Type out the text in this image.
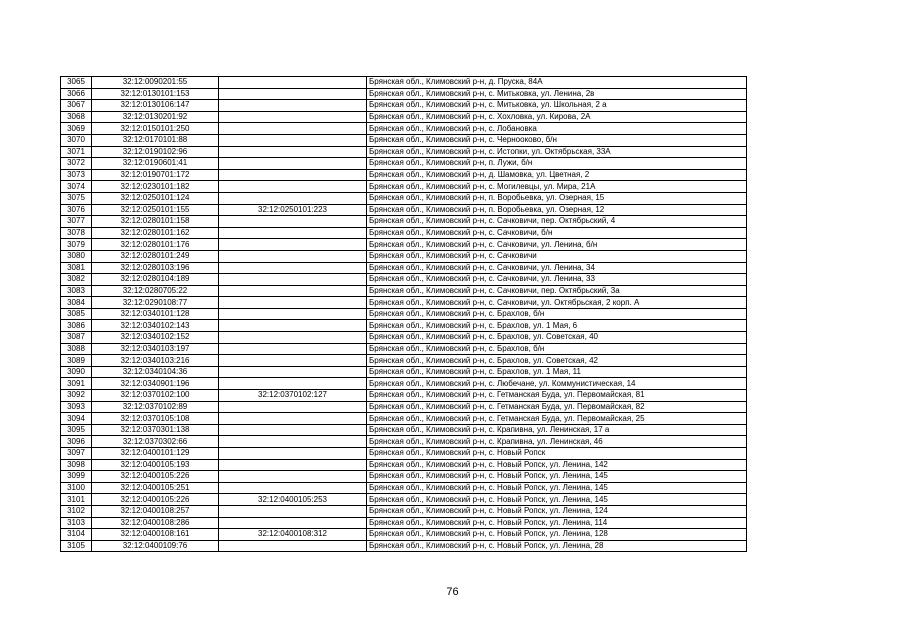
3065	32:12:0090201:55		Брянская обл., Климовский р-н, д. Пруска, 84А
3066	32:12:0130101:153		Брянская обл., Климовский р-н, с. Митьковка, ул. Ленина, 2в
3067	32:12:0130106:147		Брянская обл., Климовский р-н, с. Митьковка, ул. Школьная, 2 а
3068	32:12:0130201:92		Брянская обл., Климовский р-н, с. Хохловка, ул. Кирова, 2А
3069	32:12:0150101:250		Брянская обл., Климовский р-н, с. Лобановка
3070	32:12:0170101:88		Брянская обл., Климовский р-н, с. Чернооково, б/н
3071	32:12:0190102:96		Брянская обл., Климовский р-н, с. Истопки, ул. Октябрьская, 33А
3072	32:12:0190601:41		Брянская обл., Климовский р-н, п. Лужи, б/н
3073	32:12:0190701:172		Брянская обл., Климовский р-н, д. Шамовка, ул. Цветная, 2
3074	32:12:0230101:182		Брянская обл., Климовский р-н, с. Могилевцы, ул. Мира, 21А
3075	32:12:0250101:124		Брянская обл., Климовский р-н, п. Воробьевка, ул. Озерная, 15
3076	32:12:0250101:155	32:12:0250101:223	Брянская обл., Климовский р-н, п. Воробьевка, ул. Озерная, 12
3077	32:12:0280101:158		Брянская обл., Климовский р-н, с. Сачковичи, пер. Октябрьский, 4
3078	32:12:0280101:162		Брянская обл., Климовский р-н, с. Сачковичи, б/н
3079	32:12:0280101:176		Брянская обл., Климовский р-н, с. Сачковичи, ул. Ленина, б/н
3080	32:12:0280101:249		Брянская обл., Климовский р-н, с. Сачковичи
3081	32:12:0280103:196		Брянская обл., Климовский р-н, с. Сачковичи, ул. Ленина, 34
3082	32:12:0280104:189		Брянская обл., Климовский р-н, с. Сачковичи, ул. Ленина, 33
3083	32:12:0280705:22		Брянская обл., Климовский р-н, с. Сачковичи, пер. Октябрьский, 3а
3084	32:12:0290108:77		Брянская обл., Климовский р-н, с. Сачковичи, ул. Октябрьская, 2 корп. А
3085	32:12:0340101:128		Брянская обл., Климовский р-н, с. Брахлов, б/н
3086	32:12:0340102:143		Брянская обл., Климовский р-н, с. Брахлов, ул. 1 Мая, 6
3087	32:12:0340102:152		Брянская обл., Климовский р-н, с. Брахлов, ул. Советская, 40
3088	32:12:0340103:197		Брянская обл., Климовский р-н, с. Брахлов, б/н
3089	32:12:0340103:216		Брянская обл., Климовский р-н, с. Брахлов, ул. Советская, 42
3090	32:12:0340104:36		Брянская обл., Климовский р-н, с. Брахлов, ул. 1 Мая, 11
3091	32:12:0340901:196		Брянская обл., Климовский р-н, с. Любечане, ул. Коммунистическая, 14
3092	32:12:0370102:100	32:12:0370102:127	Брянская обл., Климовский р-н, с. Гетманская Буда, ул. Первомайская, 81
3093	32:12:0370102:89		Брянская обл., Климовский р-н, с. Гетманская Буда, ул. Первомайская, 82
3094	32:12:0370105:108		Брянская обл., Климовский р-н, с. Гетманская Буда, ул. Первомайская, 25
3095	32:12:0370301:138		Брянская обл., Климовский р-н, с. Крапивна, ул. Ленинская, 17 а
3096	32:12:0370302:66		Брянская обл., Климовский р-н, с. Крапивна, ул. Ленинская, 46
3097	32:12:0400101:129		Брянская обл., Климовский р-н, с. Новый Ропск
3098	32:12:0400105:193		Брянская обл., Климовский р-н, с. Новый Ропск, ул. Ленина, 142
3099	32:12:0400105:226		Брянская обл., Климовский р-н, с. Новый Ропск, ул. Ленина, 145
3100	32:12:0400105:251		Брянская обл., Климовский р-н, с. Новый Ропск, ул. Ленина, 145
3101	32:12:0400105:226	32:12:0400105:253	Брянская обл., Климовский р-н, с. Новый Ропск, ул. Ленина, 145
3102	32:12:0400108:257		Брянская обл., Климовский р-н, с. Новый Ропск, ул. Ленина, 124
3103	32:12:0400108:286		Брянская обл., Климовский р-н, с. Новый Ропск, ул. Ленина, 114
3104	32:12:0400108:161	32:12:0400108:312	Брянская обл., Климовский р-н, с. Новый Ропск, ул. Ленина, 128
3105	32:12:0400109:76		Брянская обл., Климовский р-н, с. Новый Ропск, ул. Ленина, 28
76
